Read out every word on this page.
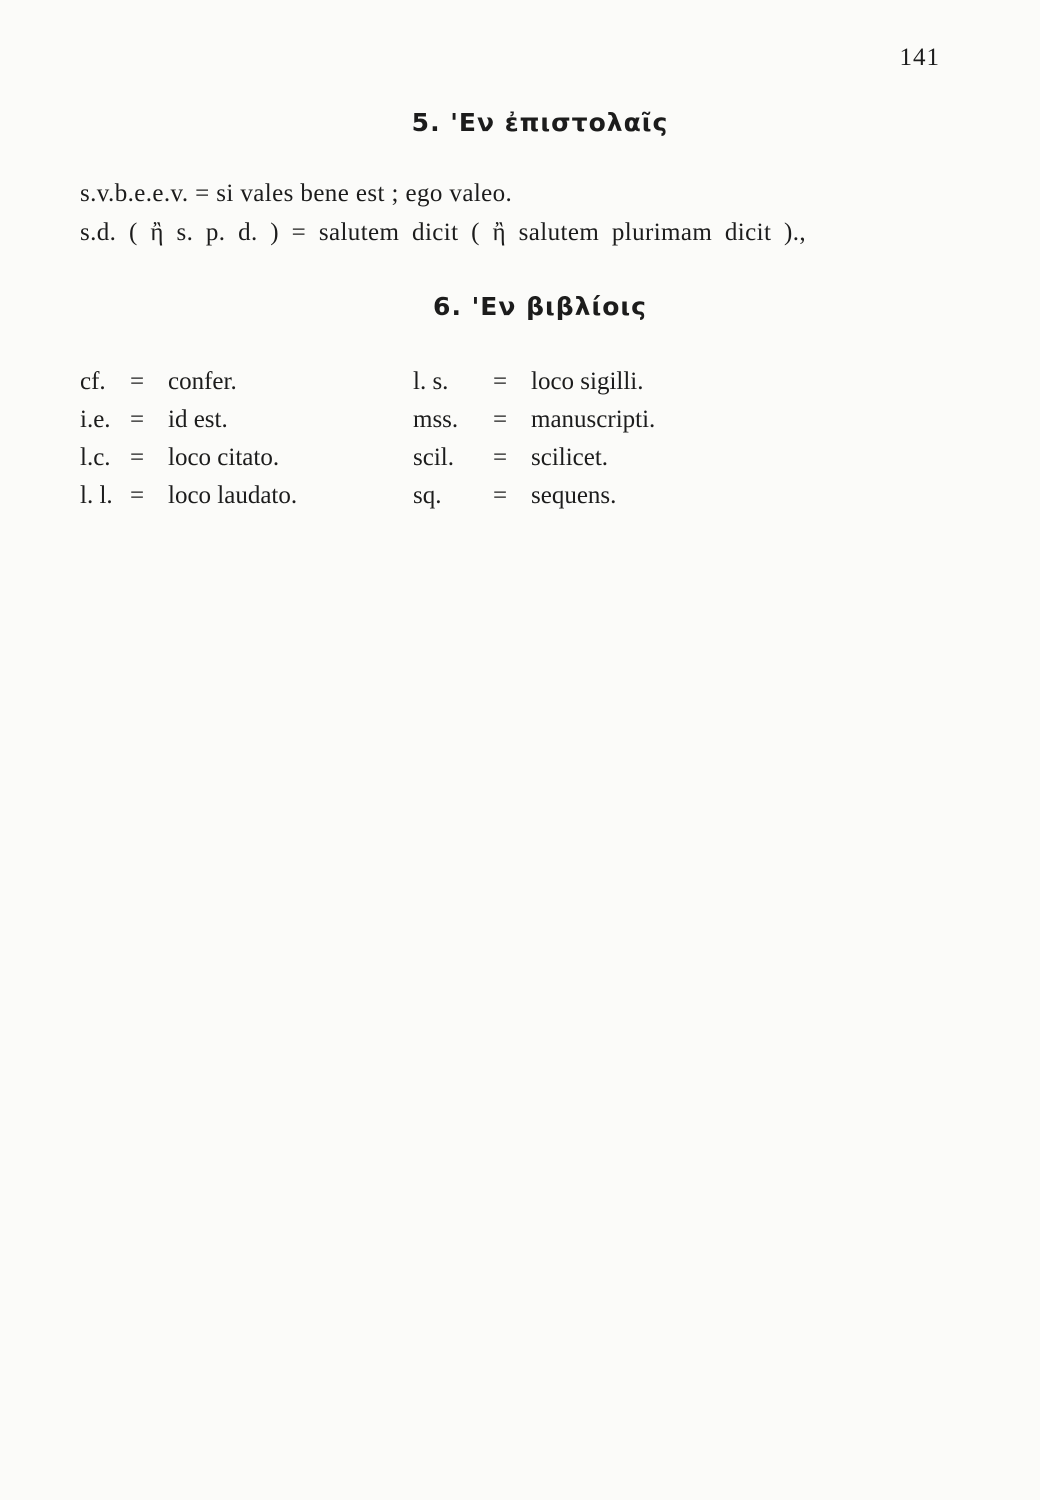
141
5. 'Εν ἐπιστολαῖς
s.v.b.e.e.v. = si vales bene est ; ego valeo.
s.d. ( ἢ s. p. d. ) = salutem dicit ( ἢ salutem plurimam dicit ).,
6. 'Εν βιβλίοις
cf. = confer.
i.e. = id est.
l.c. = loco citato.
l. l. = loco laudato.
l. s. = loco sigilli.
mss. = manuscripti.
scil. = scilicet.
sq. = sequens.
